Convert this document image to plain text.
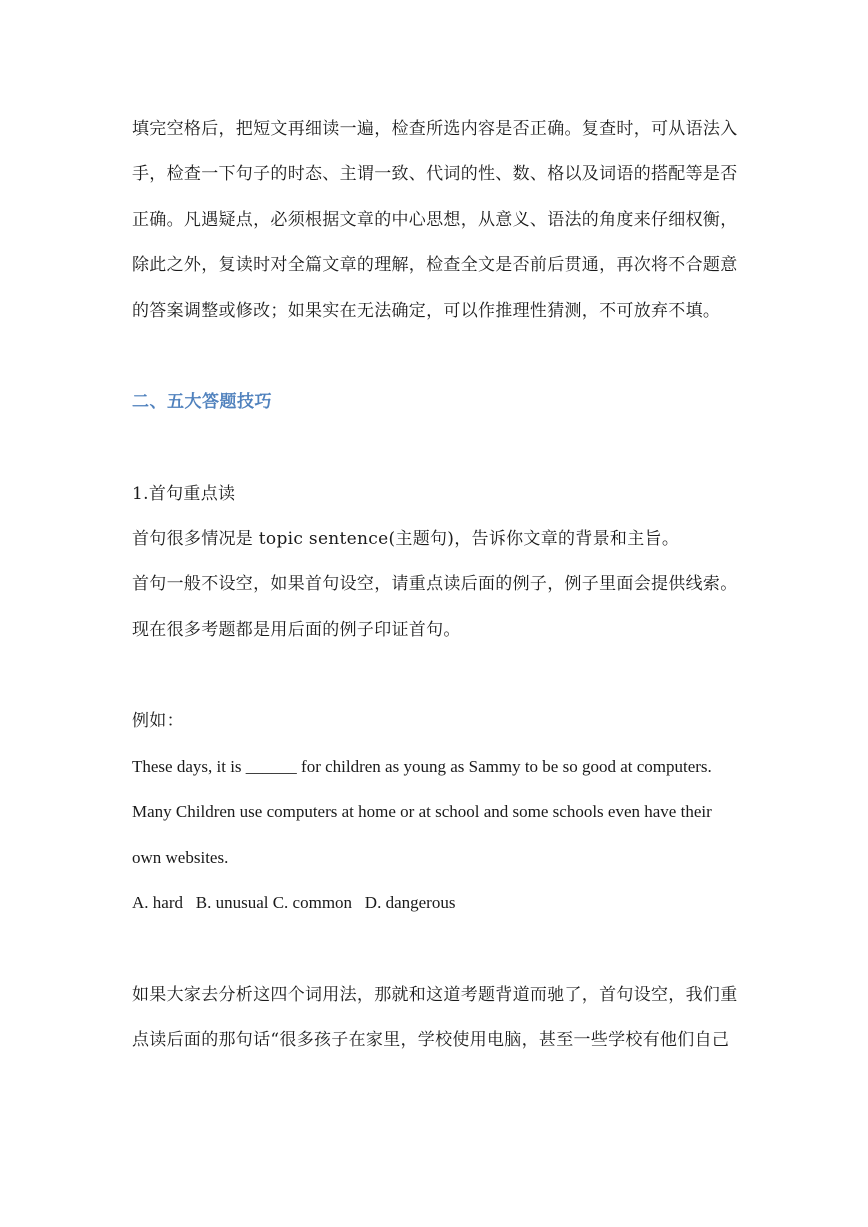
填完空格后，把短文再细读一遍，检查所选内容是否正确。复查时，可从语法入
手，检查一下句子的时态、主谓一致、代词的性、数、格以及词语的搭配等是否
正确。凡遇疑点，必须根据文章的中心思想，从意义、语法的角度来仔细权衡，
除此之外，复读时对全篇文章的理解，检查全文是否前后贯通，再次将不合题意
的答案调整或修改；如果实在无法确定，可以作推理性猜测，不可放弃不填。
二、五大答题技巧
1.首句重点读
首句很多情况是 topic sentence(主题句)，告诉你文章的背景和主旨。
首句一般不设空，如果首句设空，请重点读后面的例子，例子里面会提供线索。
现在很多考题都是用后面的例子印证首句。
例如：
These days, it is ______ for children as young as Sammy to be so good at computers.
Many Children use computers at home or at school and some schools even have their
own websites.
A. hard   B. unusual C. common   D. dangerous
如果大家去分析这四个词用法，那就和这道考题背道而驰了，首句设空，我们重
点读后面的那句话“很多孩子在家里，学校使用电脑，甚至一些学校有他们自己
